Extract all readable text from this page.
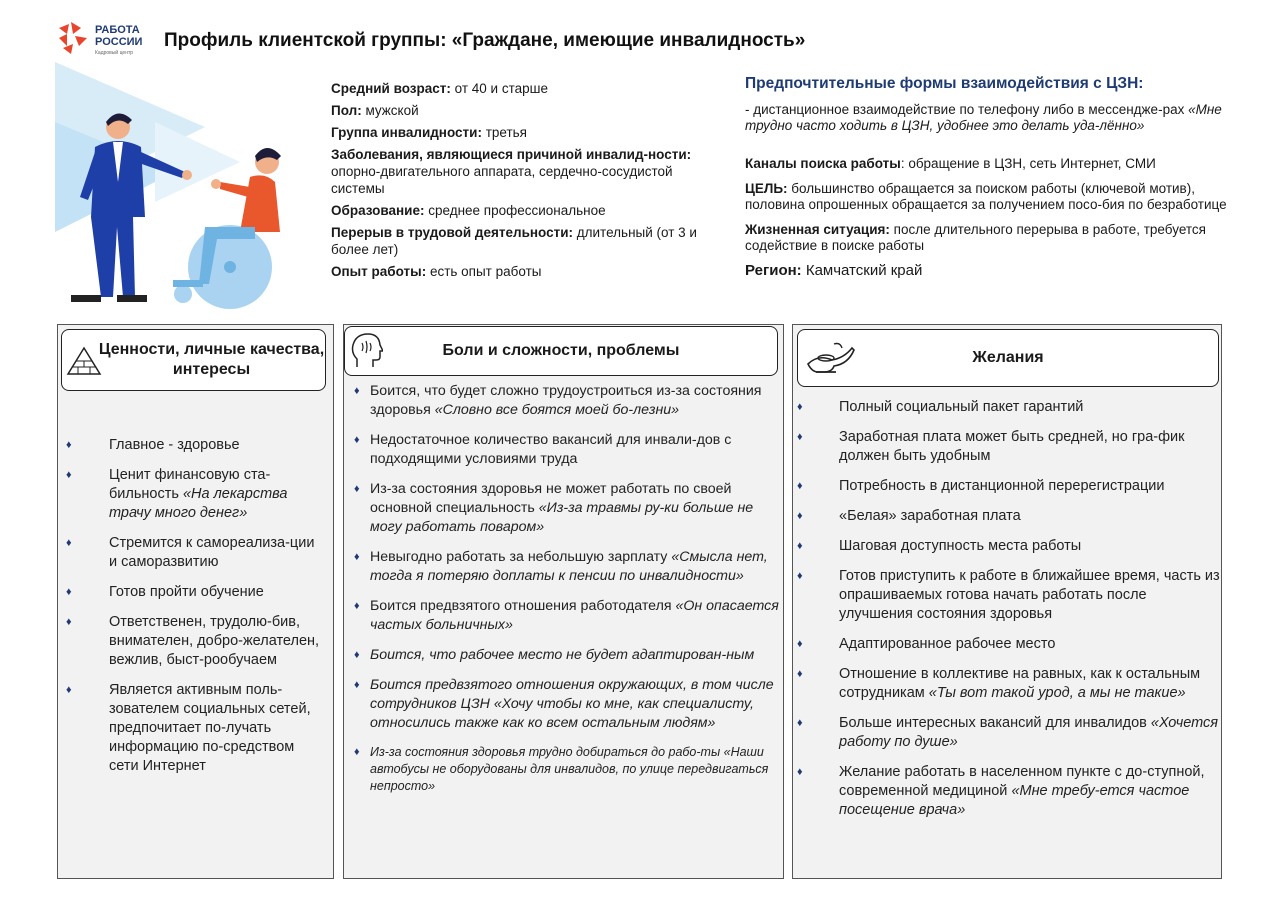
РАБОТА
РОССИИ
Кадровый центр
Профиль клиентской группы: «Граждане, имеющие инвалидность»
Средний возраст: от 40 и старше
Пол: мужской
Группа инвалидности: третья
Заболевания, являющиеся причиной инвалид-ности: опорно-двигательного аппарата, сердечно-сосудистой системы
Образование: среднее профессиональное
Перерыв в трудовой деятельности: длительный (от 3 и более лет)
Опыт работы: есть опыт работы
Предпочтительные формы взаимодействия с ЦЗН:
- дистанционное взаимодействие по телефону либо в мессендже-рах «Мне трудно часто ходить в ЦЗН, удобнее это делать уда-лённо»
Каналы поиска работы: обращение в ЦЗН, сеть Интернет, СМИ
ЦЕЛЬ: большинство обращается за поиском работы (ключевой мотив), половина опрошенных обращается за получением посо-бия по безработице
Жизненная ситуация: после длительного перерыва в работе, требуется содействие в поиске работы
Регион: Камчатский край
Ценности, личные качества, интересы
♦	Главное - здоровье
♦	Ценит финансовую ста-бильность «На лекарства трачу много денег»
♦	Стремится к самореализа-ции и саморазвитию
♦	Готов пройти обучение
♦	Ответственен, трудолю-бив, внимателен, добро-желателен, вежлив, быст-рообучаем
♦	Является активным поль-зователем социальных сетей, предпочитает по-лучать информацию по-средством сети Интернет
Боли и сложности, проблемы
♦ Боится, что будет сложно трудоустроиться из-за состояния здоровья «Словно все боятся моей бо-лезни»
♦ Недостаточное количество вакансий для инвали-дов с подходящими условиями труда
♦ Из-за состояния здоровья не может работать по своей основной специальность «Из-за травмы ру-ки больше не могу работать поваром»
♦ Невыгодно работать за небольшую зарплату «Смысла нет, тогда я потеряю доплаты к пенсии по инвалидности»
♦ Боится предвзятого отношения работодателя «Он опасается частых больничных»
♦ Боится, что рабочее место не будет адаптирован-ным
♦ Боится предвзятого отношения окружающих, в том числе сотрудников ЦЗН «Хочу чтобы ко мне, как специалисту, относились также как ко всем остальным людям»
♦ Из-за состояния здоровья трудно добираться до рабо-ты «Наши автобусы не оборудованы для инвалидов, по улице передвигаться непросто»
Желания
♦	Полный социальный пакет гарантий
♦	Заработная плата может быть средней, но гра-фик должен быть удобным
♦	Потребность в дистанционной перерегистрации
♦	«Белая» заработная плата
♦	Шаговая доступность места работы
♦	Готов приступить к работе в ближайшее время, часть из опрашиваемых готова начать работать после улучшения состояния здоровья
♦	Адаптированное рабочее место
♦	Отношение в коллективе на равных, как к остальным сотрудникам «Ты вот такой урод, а мы не такие»
♦	Больше интересных вакансий для инвалидов «Хочется работу по душе»
♦	Желание работать в населенном пункте с до-ступной, современной медициной «Мне требу-ется частое посещение врача»
